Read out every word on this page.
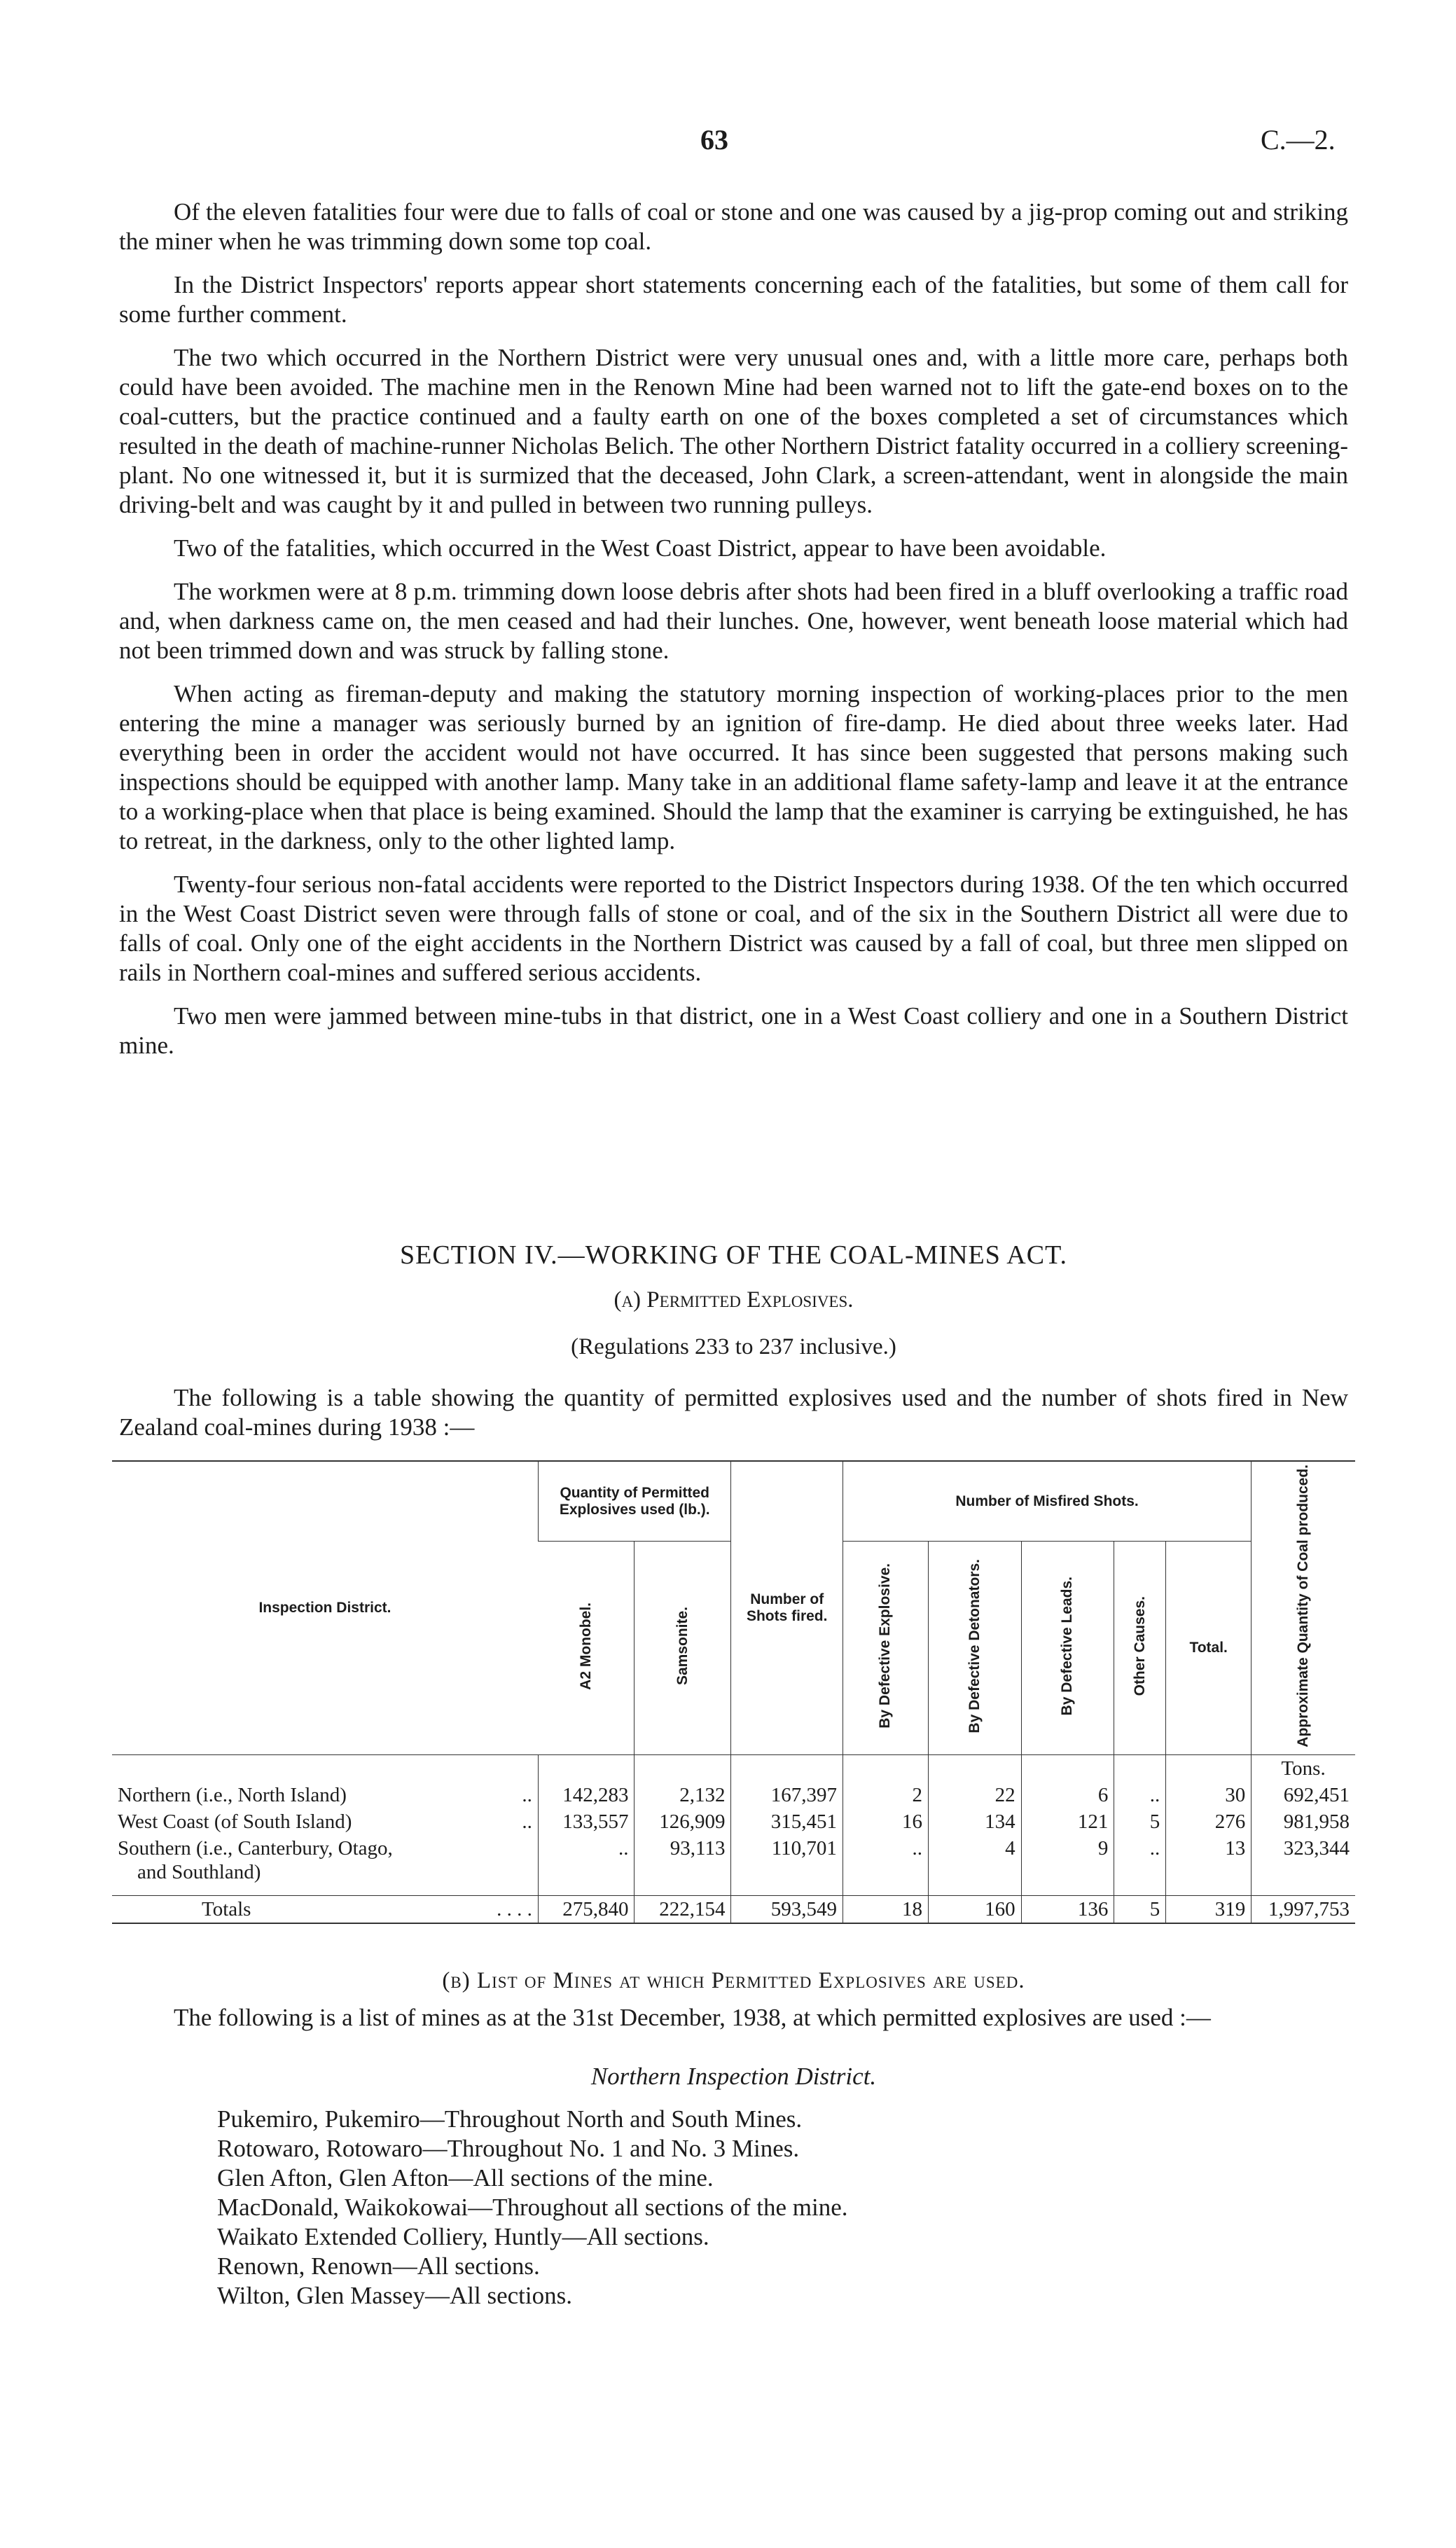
63	C.—2.

Of the eleven fatalities four were due to falls of coal or stone and one was caused by a jig-prop coming out and striking the miner when he was trimming down some top coal.

In the District Inspectors' reports appear short statements concerning each of the fatalities, but some of them call for some further comment.

The two which occurred in the Northern District were very unusual ones and, with a little more care, perhaps both could have been avoided. The machine men in the Renown Mine had been warned not to lift the gate-end boxes on to the coal-cutters, but the practice continued and a faulty earth on one of the boxes completed a set of circumstances which resulted in the death of machine-runner Nicholas Belich. The other Northern District fatality occurred in a colliery screening-plant. No one witnessed it, but it is surmized that the deceased, John Clark, a screen-attendant, went in alongside the main driving-belt and was caught by it and pulled in between two running pulleys.

Two of the fatalities, which occurred in the West Coast District, appear to have been avoidable.

The workmen were at 8 p.m. trimming down loose debris after shots had been fired in a bluff overlooking a traffic road and, when darkness came on, the men ceased and had their lunches. One, however, went beneath loose material which had not been trimmed down and was struck by falling stone.

When acting as fireman-deputy and making the statutory morning inspection of working-places prior to the men entering the mine a manager was seriously burned by an ignition of fire-damp. He died about three weeks later. Had everything been in order the accident would not have occurred. It has since been suggested that persons making such inspections should be equipped with another lamp. Many take in an additional flame safety-lamp and leave it at the entrance to a working-place when that place is being examined. Should the lamp that the examiner is carrying be extinguished, he has to retreat, in the darkness, only to the other lighted lamp.

Twenty-four serious non-fatal accidents were reported to the District Inspectors during 1938. Of the ten which occurred in the West Coast District seven were through falls of stone or coal, and of the six in the Southern District all were due to falls of coal. Only one of the eight accidents in the Northern District was caused by a fall of coal, but three men slipped on rails in Northern coal-mines and suffered serious accidents.

Two men were jammed between mine-tubs in that district, one in a West Coast colliery and one in a Southern District mine.

SECTION IV.—WORKING OF THE COAL-MINES ACT.
(a) Permitted Explosives.
(Regulations 233 to 237 inclusive.)
The following is a table showing the quantity of permitted explosives used and the number of shots fired in New Zealand coal-mines during 1938 :—
Inspection District.	Quantity of Permitted Explosives used (lb.).		Number of Shots fired.	Number of Misfired Shots.					Approximate Quantity of Coal produced.
	A2 Monobel.	Samsonite.		By Defective Explosive.	By Defective Detonators.	By Defective Leads.	Other Causes.	Total.	
									Tons.
Northern (i.e., North Island) ..	142,283	2,132	167,397	2	22	6	..	30	692,451
West Coast (of South Island) ..	133,557	126,909	315,451	16	134	121	5	276	981,958
Southern (i.e., Canterbury, Otago,
and Southland)	..	93,113	110,701	..	4	9	..	13	323,344
Totals . . . .	275,840	222,154	593,549	18	160	136	5	319	1,997,753
(b) List of Mines at which Permitted Explosives are used.
The following is a list of mines as at the 31st December, 1938, at which permitted explosives are used :—
Northern Inspection District.
Pukemiro, Pukemiro—Throughout North and South Mines.
Rotowaro, Rotowaro—Throughout No. 1 and No. 3 Mines.
Glen Afton, Glen Afton—All sections of the mine.
MacDonald, Waikokowai—Throughout all sections of the mine.
Waikato Extended Colliery, Huntly—All sections.
Renown, Renown—All sections.
Wilton, Glen Massey—All sections.
